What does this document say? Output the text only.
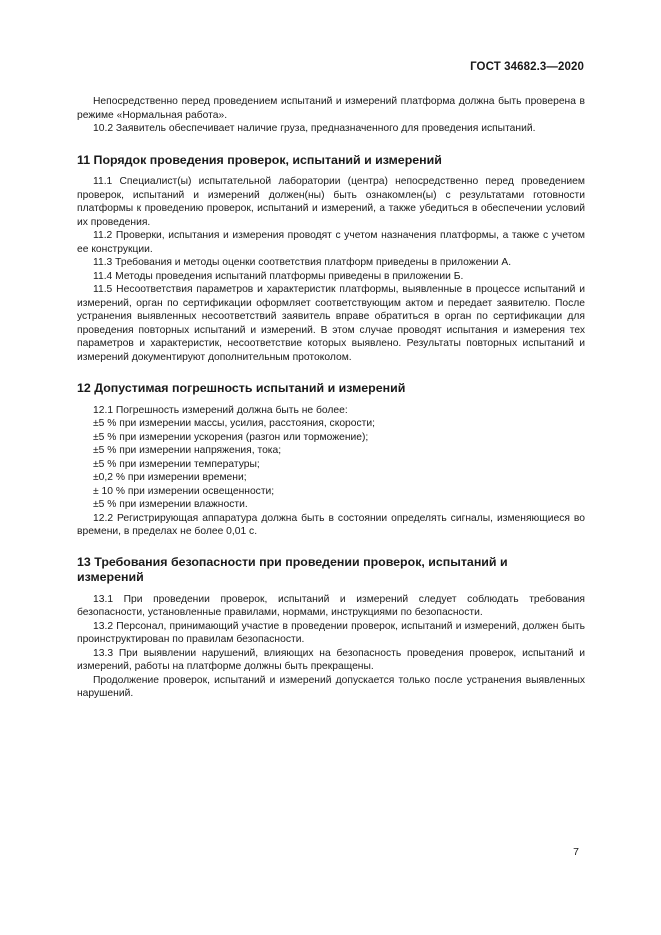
ГОСТ 34682.3—2020

Непосредственно перед проведением испытаний и измерений платформа должна быть проверена в режиме «Нормальная работа».

10.2 Заявитель обеспечивает наличие груза, предназначенного для проведения испытаний.

11 Порядок проведения проверок, испытаний и измерений

11.1 Специалист(ы) испытательной лаборатории (центра) непосредственно перед проведением проверок, испытаний и измерений должен(ны) быть ознакомлен(ы) с результатами готовности платформы к проведению проверок, испытаний и измерений, а также убедиться в обеспечении условий их проведения.

11.2 Проверки, испытания и измерения проводят с учетом назначения платформы, а также с учетом ее конструкции.

11.3 Требования и методы оценки соответствия платформ приведены в приложении А.

11.4 Методы проведения испытаний платформы приведены в приложении Б.

11.5 Несоответствия параметров и характеристик платформы, выявленные в процессе испытаний и измерений, орган по сертификации оформляет соответствующим актом и передает заявителю. После устранения выявленных несоответствий заявитель вправе обратиться в орган по сертификации для проведения повторных испытаний и измерений. В этом случае проводят испытания и измерения тех параметров и характеристик, несоответствие которых выявлено. Результаты повторных испытаний и измерений документируют дополнительным протоколом.

12 Допустимая погрешность испытаний и измерений

12.1 Погрешность измерений должна быть не более:

±5 % при измерении массы, усилия, расстояния, скорости;

±5 % при измерении ускорения (разгон или торможение);

±5 % при измерении напряжения, тока;

±5 % при измерении температуры;

±0,2 % при измерении времени;

± 10 % при измерении освещенности;

±5 % при измерении влажности.

12.2 Регистрирующая аппаратура должна быть в состоянии определять сигналы, изменяющиеся во времени, в пределах не более 0,01 с.

13 Требования безопасности при проведении проверок, испытаний и измерений

13.1 При проведении проверок, испытаний и измерений следует соблюдать требования безопасности, установленные правилами, нормами, инструкциями по безопасности.

13.2 Персонал, принимающий участие в проведении проверок, испытаний и измерений, должен быть проинструктирован по правилам безопасности.

13.3 При выявлении нарушений, влияющих на безопасность проведения проверок, испытаний и измерений, работы на платформе должны быть прекращены.

Продолжение проверок, испытаний и измерений допускается только после устранения выявленных нарушений.

7
